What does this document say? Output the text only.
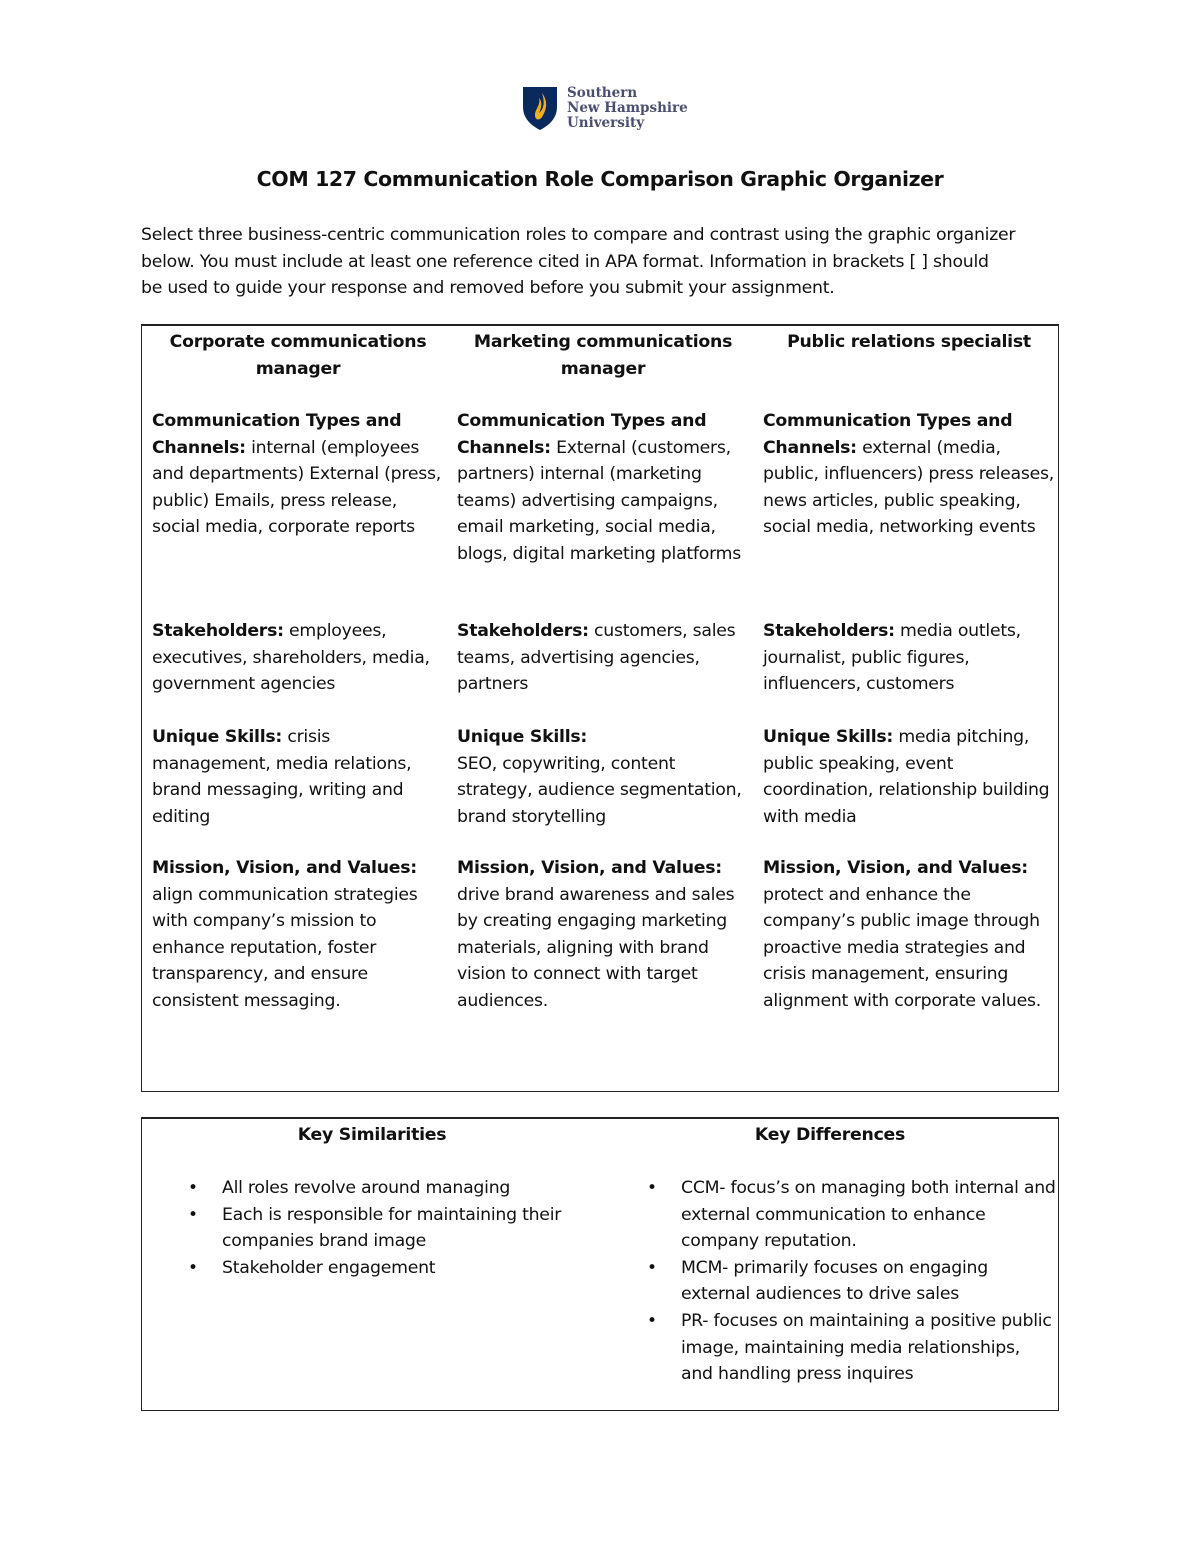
Southern
New Hampshire
University
COM 127 Communication Role Comparison Graphic Organizer
Select three business-centric communication roles to compare and contrast using the graphic organizer
below. You must include at least one reference cited in APA format. Information in brackets [ ] should
be used to guide your response and removed before you submit your assignment.
Corporate communications
manager
Communication Types and Channels: internal (employees and departments) External (press, public) Emails, press release, social media, corporate reports
Stakeholders: employees, executives, shareholders, media, government agencies
Unique Skills: crisis management, media relations, brand messaging, writing and editing
Mission, Vision, and Values: align communication strategies with company’s mission to enhance reputation, foster transparency, and ensure consistent messaging.
Marketing communications
manager
Communication Types and Channels: External (customers, partners) internal (marketing teams) advertising campaigns, email marketing, social media, blogs, digital marketing platforms
Stakeholders: customers, sales teams, advertising agencies, partners
Unique Skills:
SEO, copywriting, content strategy, audience segmentation, brand storytelling
Mission, Vision, and Values:
drive brand awareness and sales by creating engaging marketing materials, aligning with brand vision to connect with target audiences.
Public relations specialist
Communication Types and Channels: external (media, public, influencers) press releases, news articles, public speaking, social media, networking events
Stakeholders: media outlets, journalist, public figures, influencers, customers
Unique Skills: media pitching, public speaking, event coordination, relationship building with media
Mission, Vision, and Values:
protect and enhance the company’s public image through proactive media strategies and crisis management, ensuring alignment with corporate values.
Key Similarities	Key Differences
• All roles revolve around managing
• Each is responsible for maintaining their companies brand image
• Stakeholder engagement
• CCM- focus’s on managing both internal and external communication to enhance company reputation.
• MCM- primarily focuses on engaging external audiences to drive sales
• PR- focuses on maintaining a positive public image, maintaining media relationships, and handling press inquires
